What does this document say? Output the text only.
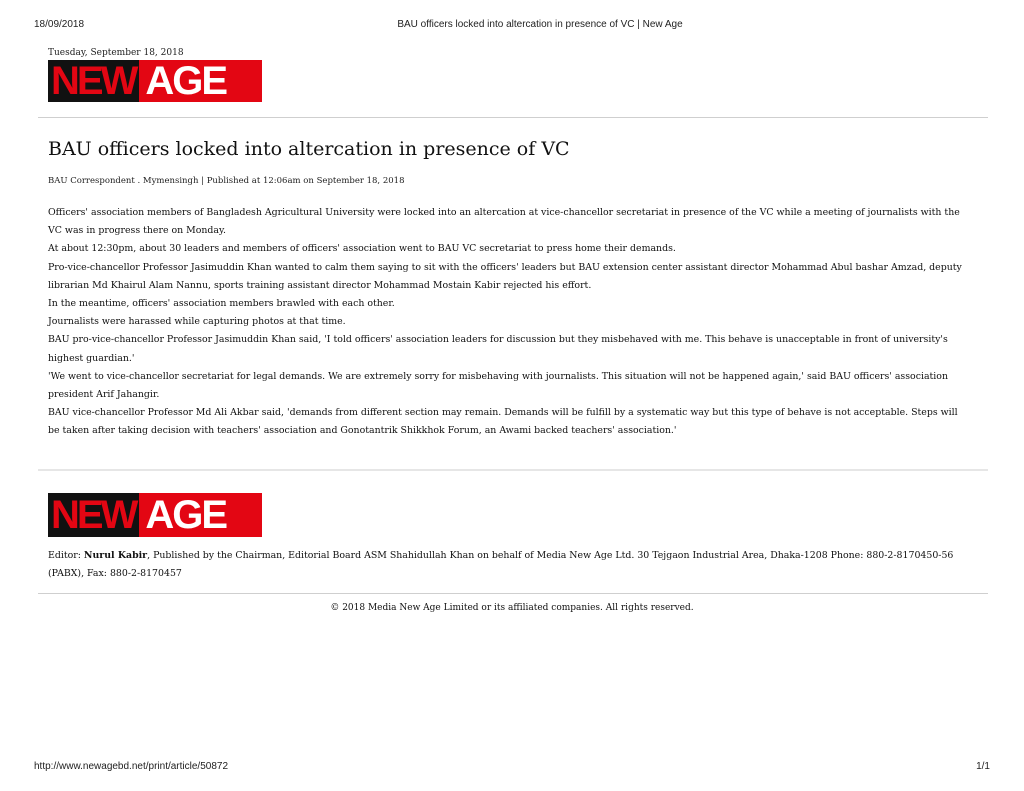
18/09/2018	BAU officers locked into altercation in presence of VC | New Age
Tuesday, September 18, 2018
NEW AGE
BAU officers locked into altercation in presence of VC
BAU Correspondent . Mymensingh | Published at 12:06am on September 18, 2018

Officers' association members of Bangladesh Agricultural University were locked into an altercation at vice-chancellor secretariat in presence of the VC while a meeting of journalists with the VC was in progress there on Monday.

At about 12:30pm, about 30 leaders and members of officers' association went to BAU VC secretariat to press home their demands.

Pro-vice-chancellor Professor Jasimuddin Khan wanted to calm them saying to sit with the officers' leaders but BAU extension center assistant director Mohammad Abul bashar Amzad, deputy librarian Md Khairul Alam Nannu, sports training assistant director Mohammad Mostain Kabir rejected his effort.

In the meantime, officers' association members brawled with each other.

Journalists were harassed while capturing photos at that time.

BAU pro-vice-chancellor Professor Jasimuddin Khan said, 'I told officers' association leaders for discussion but they misbehaved with me. This behave is unacceptable in front of university's highest guardian.'

'We went to vice-chancellor secretariat for legal demands. We are extremely sorry for misbehaving with journalists. This situation will not be happened again,' said BAU officers' association president Arif Jahangir.

BAU vice-chancellor Professor Md Ali Akbar said, 'demands from different section may remain. Demands will be fulfill by a systematic way but this type of behave is not acceptable. Steps will be taken after taking decision with teachers' association and Gonotantrik Shikkhok Forum, an Awami backed teachers' association.'

NEW AGE
Editor: Nurul Kabir, Published by the Chairman, Editorial Board ASM Shahidullah Khan on behalf of Media New Age Ltd. 30 Tejgaon Industrial Area, Dhaka-1208 Phone: 880-2-8170450-56 (PABX), Fax: 880-2-8170457
© 2018 Media New Age Limited or its affiliated companies. All rights reserved.
http://www.newagebd.net/print/article/50872	1/1
